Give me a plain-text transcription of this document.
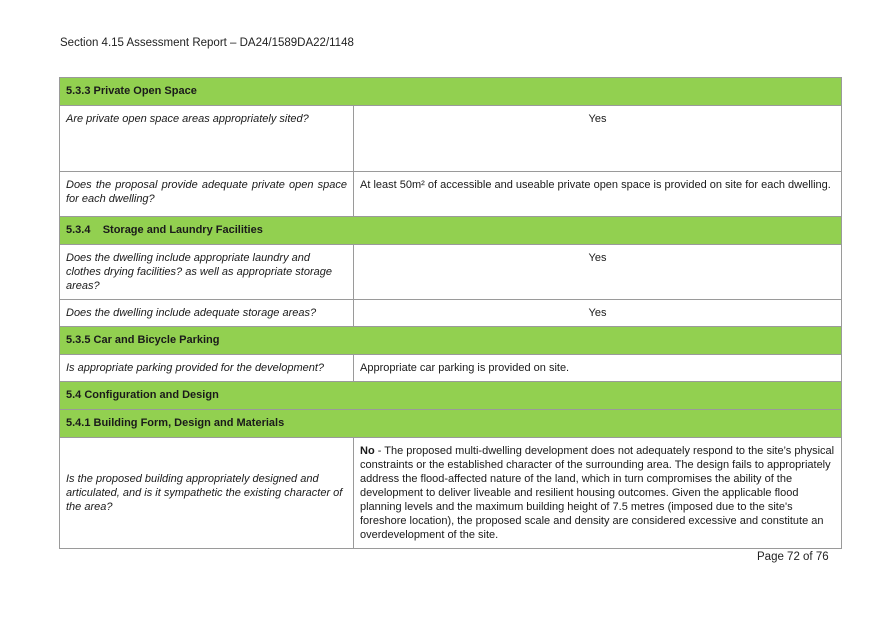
Section 4.15 Assessment Report – DA24/1589DA22/1148
5.3.3 Private Open Space	
Are private open space areas appropriately sited?	Yes
Does the proposal provide adequate private open space for each dwelling?	At least 50m² of accessible and useable private open space is provided on site for each dwelling.
5.3.4    Storage and Laundry Facilities	
Does the dwelling include appropriate laundry and clothes drying facilities? as well as appropriate storage areas?	Yes
Does the dwelling include adequate storage areas?	Yes
5.3.5 Car and Bicycle Parking	
Is appropriate parking provided for the development?	Appropriate car parking is provided on site.
5.4 Configuration and Design	
5.4.1 Building Form, Design and Materials	
Is the proposed building appropriately designed and articulated, and is it sympathetic the existing character of the area?	No - The proposed multi-dwelling development does not adequately respond to the site’s physical constraints or the established character of the surrounding area. The design fails to appropriately address the flood-affected nature of the land, which in turn compromises the ability of the development to deliver liveable and resilient housing outcomes. Given the applicable flood planning levels and the maximum building height of 7.5 metres (imposed due to the site's foreshore location), the proposed scale and density are considered excessive and constitute an overdevelopment of the site.
Page 72 of 76
